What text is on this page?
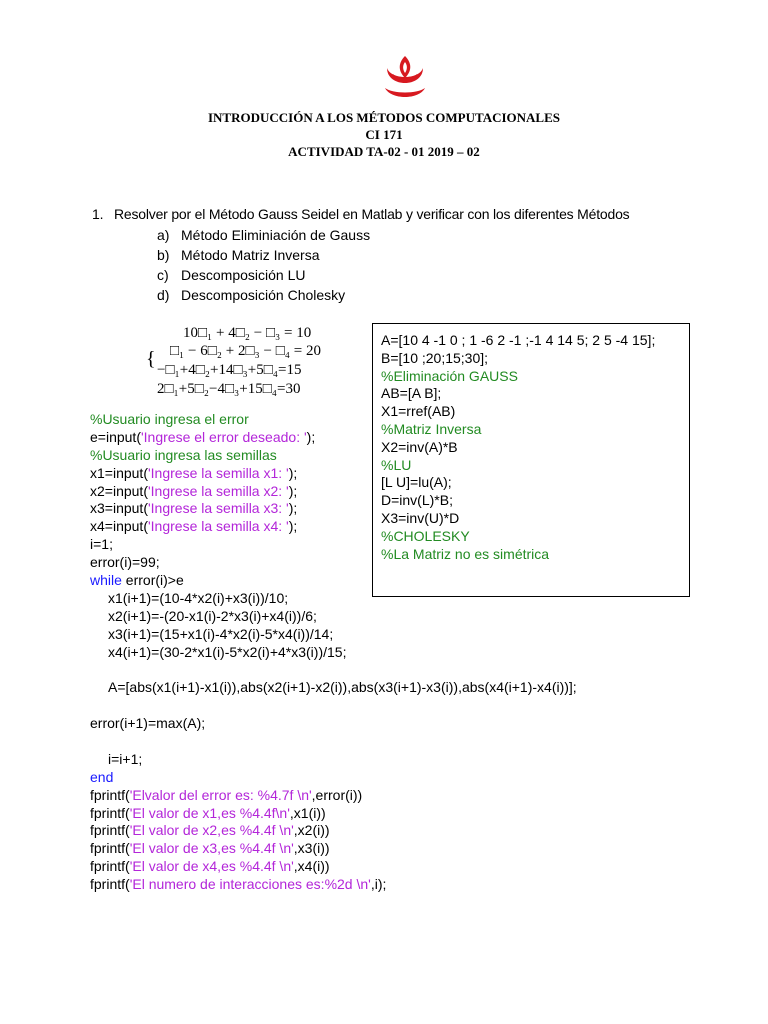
INTRODUCCIÓN A LOS MÉTODOS COMPUTACIONALES
CI 171
ACTIVIDAD TA-02 - 01 2019 – 02
1. Resolver por el Método Gauss Seidel en Matlab y verificar con los diferentes Métodos
a) Método Eliminiación de Gauss
b) Método Matriz Inversa
c) Descomposición LU
d) Descomposición Cholesky
{
10□₁ + 4□₂ − □₃ = 10
□₁ − 6□₂ + 2□₃ − □₄ = 20
−□₁+4□₂+14□₃+5□₄=15
2□₁+5□₂−4□₃+15□₄=30
A=[10 4 -1 0 ; 1 -6 2 -1 ;-1 4 14 5; 2 5 -4 15];
B=[10 ;20;15;30];
%Eliminación GAUSS
AB=[A B];
X1=rref(AB)
%Matriz Inversa
X2=inv(A)*B
%LU
[L U]=lu(A);
D=inv(L)*B;
X3=inv(U)*D
%CHOLESKY
%La Matriz no es simétrica
%Usuario ingresa el error
e=input('Ingrese el error deseado: ');
%Usuario ingresa las semillas
x1=input('Ingrese la semilla x1: ');
x2=input('Ingrese la semilla x2: ');
x3=input('Ingrese la semilla x3: ');
x4=input('Ingrese la semilla x4: ');
i=1;
error(i)=99;
while error(i)>e
x1(i+1)=(10-4*x2(i)+x3(i))/10;
x2(i+1)=-(20-x1(i)-2*x3(i)+x4(i))/6;
x3(i+1)=(15+x1(i)-4*x2(i)-5*x4(i))/14;
x4(i+1)=(30-2*x1(i)-5*x2(i)+4*x3(i))/15;
A=[abs(x1(i+1)-x1(i)),abs(x2(i+1)-x2(i)),abs(x3(i+1)-x3(i)),abs(x4(i+1)-x4(i))];
error(i+1)=max(A);
i=i+1;
end
fprintf('Elvalor del error es: %4.7f \n',error(i))
fprintf('El valor de x1,es %4.4f\n',x1(i))
fprintf('El valor de x2,es %4.4f \n',x2(i))
fprintf('El valor de x3,es %4.4f \n',x3(i))
fprintf('El valor de x4,es %4.4f \n',x4(i))
fprintf('El numero de interacciones es:%2d \n',i);
